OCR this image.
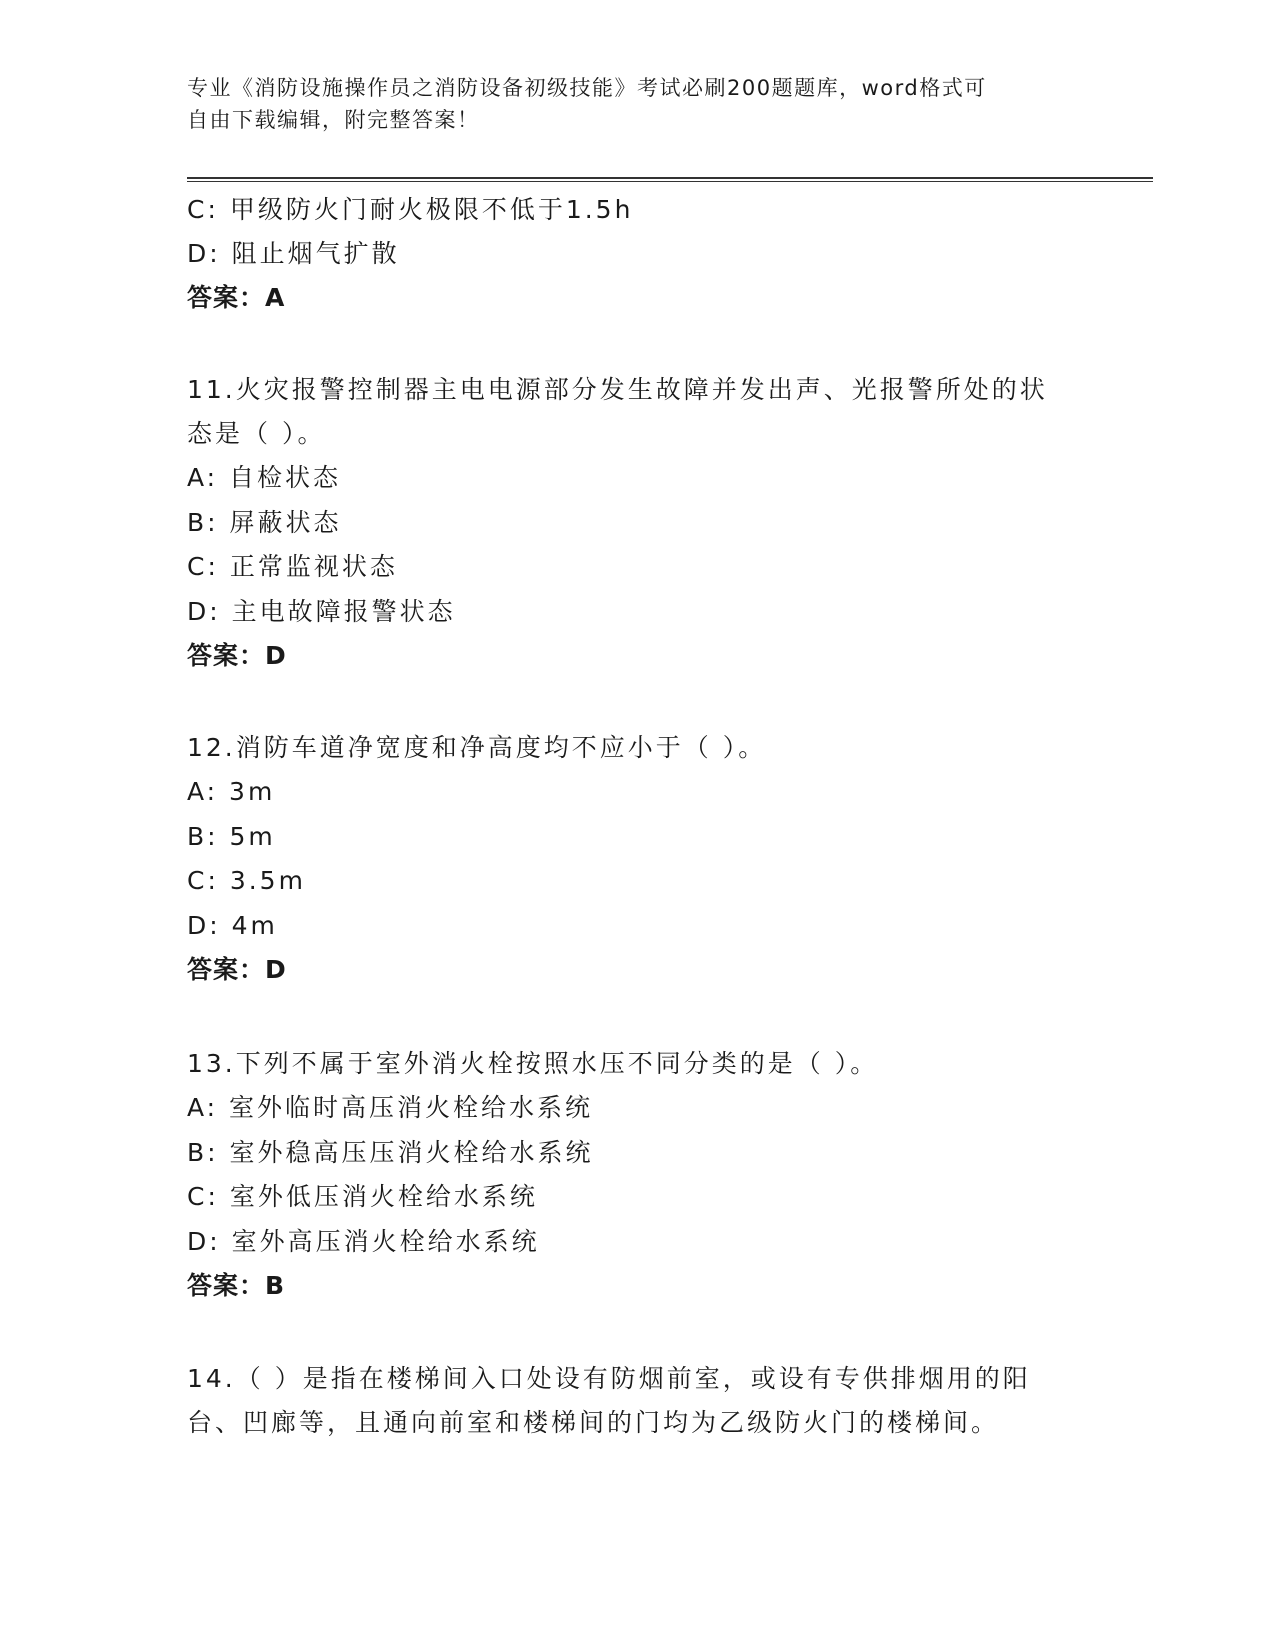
专业《消防设施操作员之消防设备初级技能》考试必刷200题题库，word格式可
自由下载编辑，附完整答案！
C: 甲级防火门耐火极限不低于1.5h
D: 阻止烟气扩散
答案：A
11.火灾报警控制器主电电源部分发生故障并发出声、光报警所处的状
态是（ ）。
A: 自检状态
B: 屏蔽状态
C: 正常监视状态
D: 主电故障报警状态
答案：D
12.消防车道净宽度和净高度均不应小于（ ）。
A: 3m
B: 5m
C: 3.5m
D: 4m
答案：D
13.下列不属于室外消火栓按照水压不同分类的是（ ）。
A: 室外临时高压消火栓给水系统
B: 室外稳高压压消火栓给水系统
C: 室外低压消火栓给水系统
D: 室外高压消火栓给水系统
答案：B
14.（ ）是指在楼梯间入口处设有防烟前室，或设有专供排烟用的阳
台、凹廊等，且通向前室和楼梯间的门均为乙级防火门的楼梯间。
